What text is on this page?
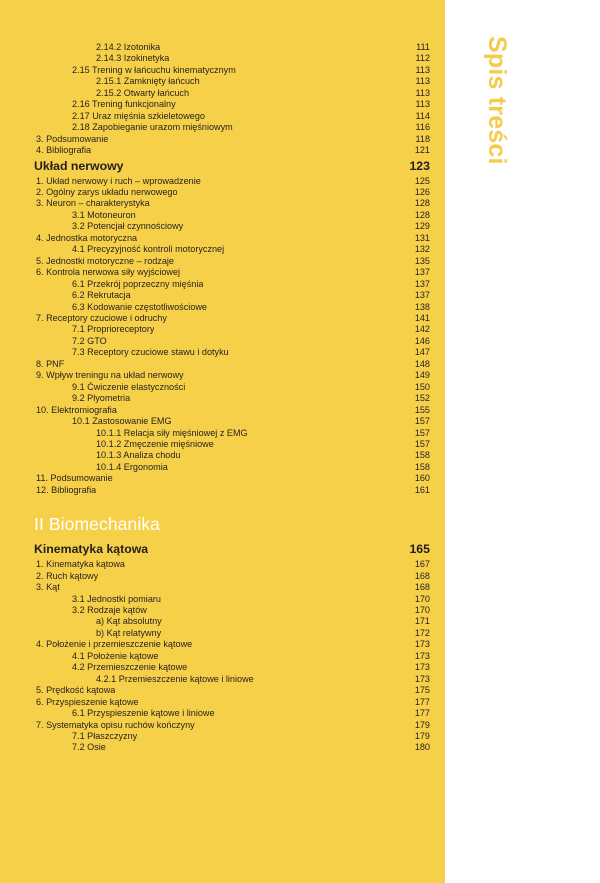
2.14.2 Izotonika	111
2.14.3 Izokinetyka	112
2.15 Trening w łańcuchu kinematycznym	113
2.15.1 Zamknięty łańcuch	113
2.15.2 Otwarty łańcuch	113
2.16 Trening funkcjonalny	113
2.17 Uraz mięśnia szkieletowego	114
2.18 Zapobieganie urazom mięśniowym	116
3. Podsumowanie	118
4. Bibliografia	121
Układ nerwowy	123
1. Układ nerwowy i ruch – wprowadzenie	125
2. Ogólny zarys układu nerwowego	126
3. Neuron – charakterystyka	128
3.1 Motoneuron	128
3.2 Potencjał czynnościowy	129
4. Jednostka motoryczna	131
4.1 Precyzyjność kontroli motorycznej	132
5. Jednostki motoryczne – rodzaje	135
6. Kontrola nerwowa siły wyjściowej	137
6.1 Przekrój poprzeczny mięśnia	137
6.2 Rekrutacja	137
6.3 Kodowanie częstotliwościowe	138
7. Receptory czuciowe i odruchy	141
7.1 Proprioreceptory	142
7.2 GTO	146
7.3 Receptory czuciowe stawu i dotyku	147
8. PNF	148
9. Wpływ treningu na układ nerwowy	149
9.1 Ćwiczenie elastyczności	150
9.2 Plyometria	152
10. Elektromiografia	155
10.1 Zastosowanie EMG	157
10.1.1 Relacja siły mięśniowej z EMG	157
10.1.2 Zmęczenie mięśniowe	157
10.1.3 Analiza chodu	158
10.1.4 Ergonomia	158
11. Podsumowanie	160
12. Bibliografia	161
II Biomechanika
Kinematyka kątowa	165
1. Kinematyka kątowa	167
2. Ruch kątowy	168
3. Kąt	168
3.1 Jednostki pomiaru	170
3.2 Rodzaje kątów	170
a) Kąt absolutny	171
b) Kąt relatywny	172
4. Położenie i przemieszczenie kątowe	173
4.1 Położenie kątowe	173
4.2 Przemieszczenie kątowe	173
4.2.1 Przemieszczenie kątowe i liniowe	173
5. Prędkość kątowa	175
6. Przyspieszenie kątowe	177
6.1 Przyspieszenie kątowe i liniowe	177
7. Systematyka opisu ruchów kończyny	179
7.1 Płaszczyzny	179
7.2 Osie	180
Spis treści
